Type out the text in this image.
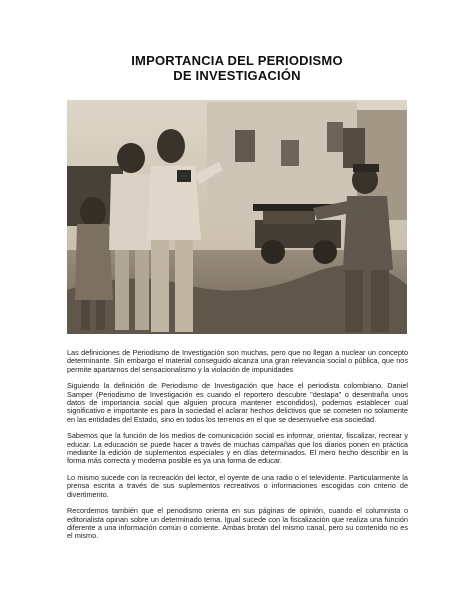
IMPORTANCIA DEL PERIODISMO
DE INVESTIGACIÓN

Las definiciones de Periodismo de Investigación son muchas, pero que no llegan a nuclear un concepto determinante. Sin embargo el material conseguido alcanza una gran relevancia social o pública, que nos permite apartarnos del sensacionalismo y la violación de impunidades

Siguiendo la definición de Periodismo de Investigación que hace el periodista colombiano, Daniel Samper (Periodismo de Investigación es cuando el reportero descubre "destapa" o desentraña unos datos de importancia social que alguien procura mantener escondidos), podemos establecer cual significativo e importante es para la sociedad el aclarar hechos delictivos que se cometen no solamente en las entidades del Estado, sino en todos los terrenos en el que se desenvuelve esa sociedad.

Sabemos que la función de los medios de comunicación social es informar, orientar, fiscalizar, recrear y educar. La educación se puede hacer a través de muchas campañas que los diarios ponen en práctica mediante la edición de suplementos especiales y en días determinados. El mero hecho describir en la forma más correcta y moderna posible es ya una forma de educar.

Lo mismo sucede con la recreación del lector, el oyente de una radio o el televidente. Particularmente la prensa escrita a través de sus suplementos recreativos o informaciones escogidas con criterio de divertimento.

Recordemos también que el periodismo orienta en sus páginas de opinión, cuando el columnista o editorialista opinan sobre un determinado tema. Igual sucede con la fiscalización que realiza una función diferente a una información común o corriente. Ambas brotan del mismo canal, pero su contenido no es el mismo.
